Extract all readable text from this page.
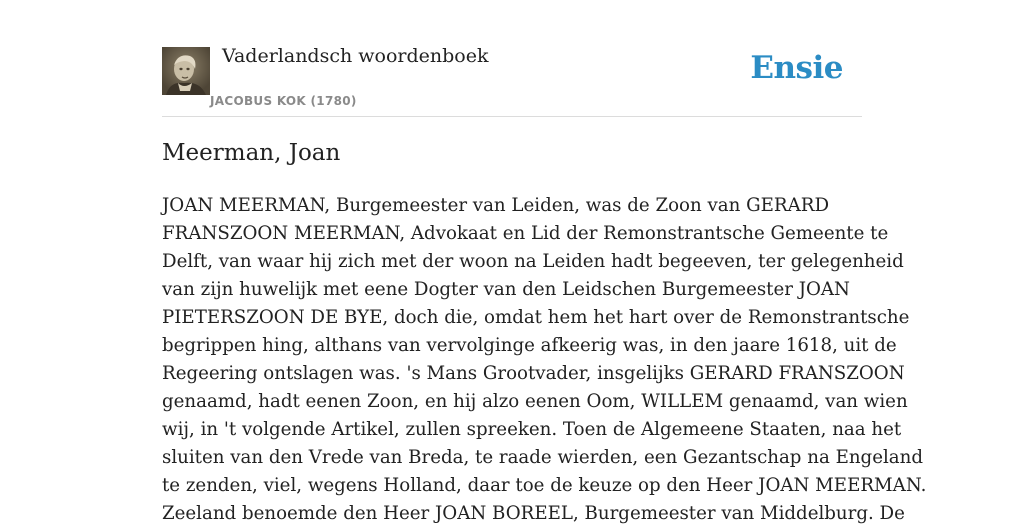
Vaderlandsch woordenboek
JACOBUS KOK (1780)
Ensie
Meerman, Joan
JOAN MEERMAN, Burgemeester van Leiden, was de Zoon van GERARD
FRANSZOON MEERMAN, Advokaat en Lid der Remonstrantsche Gemeente te
Delft, van waar hij zich met der woon na Leiden hadt begeeven, ter gelegenheid
van zijn huwelijk met eene Dogter van den Leidschen Burgemeester JOAN
PIETERSZOON DE BYE, doch die, omdat hem het hart over de Remonstrantsche
begrippen hing, althans van vervolginge afkeerig was, in den jaare 1618, uit de
Regeering ontslagen was. 's Mans Grootvader, insgelijks GERARD FRANSZOON
genaamd, hadt eenen Zoon, en hij alzo eenen Oom, WILLEM genaamd, van wien
wij, in 't volgende Artikel, zullen spreeken. Toen de Algemeene Staaten, naa het
sluiten van den Vrede van Breda, te raade wierden, een Gezantschap na Engeland
te zenden, viel, wegens Holland, daar toe de keuze op den Heer JOAN MEERMAN.
Zeeland benoemde den Heer JOAN BOREEL, Burgemeester van Middelburg. De
